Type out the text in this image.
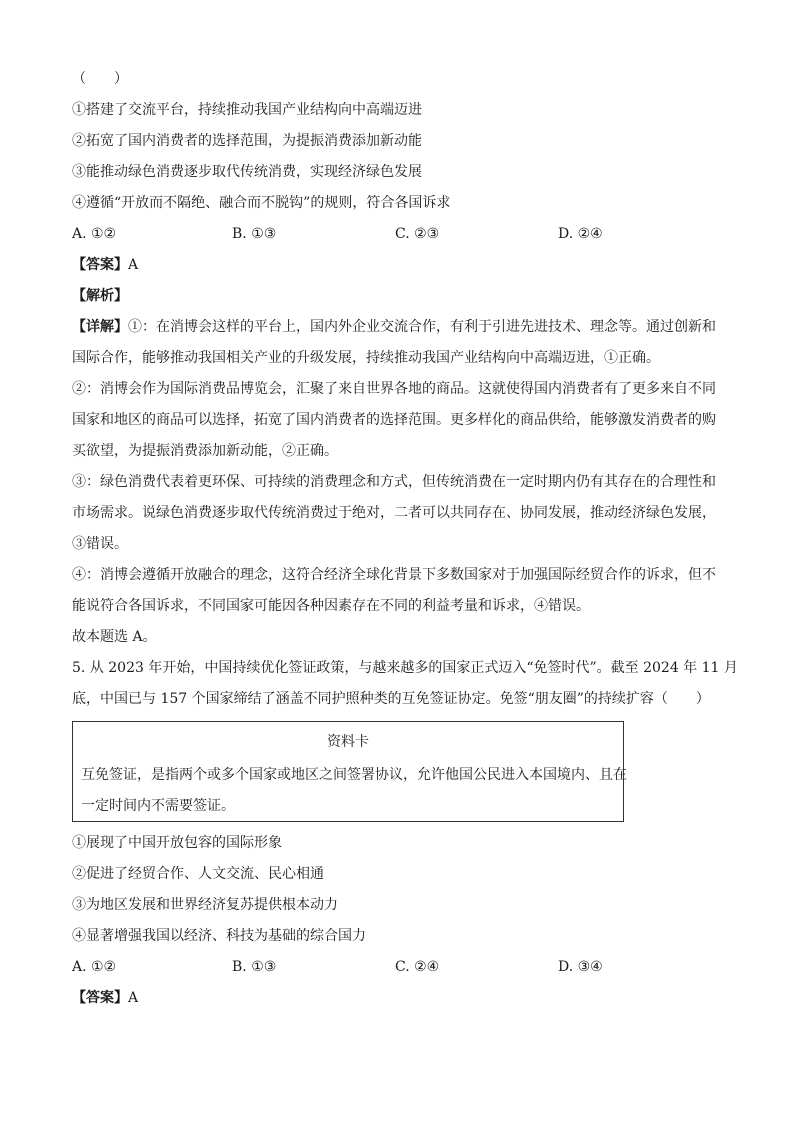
（　　）
①搭建了交流平台，持续推动我国产业结构向中高端迈进
②拓宽了国内消费者的选择范围，为提振消费添加新动能
③能推动绿色消费逐步取代传统消费，实现经济绿色发展
④遵循“开放而不隔绝、融合而不脱钩”的规则，符合各国诉求
A. ①②	B. ①③	C. ②③	D. ②④
【答案】A
【解析】
【详解】①：在消博会这样的平台上，国内外企业交流合作，有利于引进先进技术、理念等。通过创新和
国际合作，能够推动我国相关产业的升级发展，持续推动我国产业结构向中高端迈进，①正确。
②：消博会作为国际消费品博览会，汇聚了来自世界各地的商品。这就使得国内消费者有了更多来自不同
国家和地区的商品可以选择，拓宽了国内消费者的选择范围。更多样化的商品供给，能够激发消费者的购
买欲望，为提振消费添加新动能，②正确。
③：绿色消费代表着更环保、可持续的消费理念和方式，但传统消费在一定时期内仍有其存在的合理性和
市场需求。说绿色消费逐步取代传统消费过于绝对，二者可以共同存在、协同发展，推动经济绿色发展，
③错误。
④：消博会遵循开放融合的理念，这符合经济全球化背景下多数国家对于加强国际经贸合作的诉求，但不
能说符合各国诉求，不同国家可能因各种因素存在不同的利益考量和诉求，④错误。
故本题选 A。
5. 从 2023 年开始，中国持续优化签证政策，与越来越多的国家正式迈入“免签时代”。截至 2024 年 11 月
底，中国已与 157 个国家缔结了涵盖不同护照种类的互免签证协定。免签“朋友圈”的持续扩容（　　）
资料卡
互免签证，是指两个或多个国家或地区之间签署协议，允许他国公民进入本国境内、且在
一定时间内不需要签证。
①展现了中国开放包容的国际形象
②促进了经贸合作、人文交流、民心相通
③为地区发展和世界经济复苏提供根本动力
④显著增强我国以经济、科技为基础的综合国力
A. ①②	B. ①③	C. ②④	D. ③④
【答案】A
